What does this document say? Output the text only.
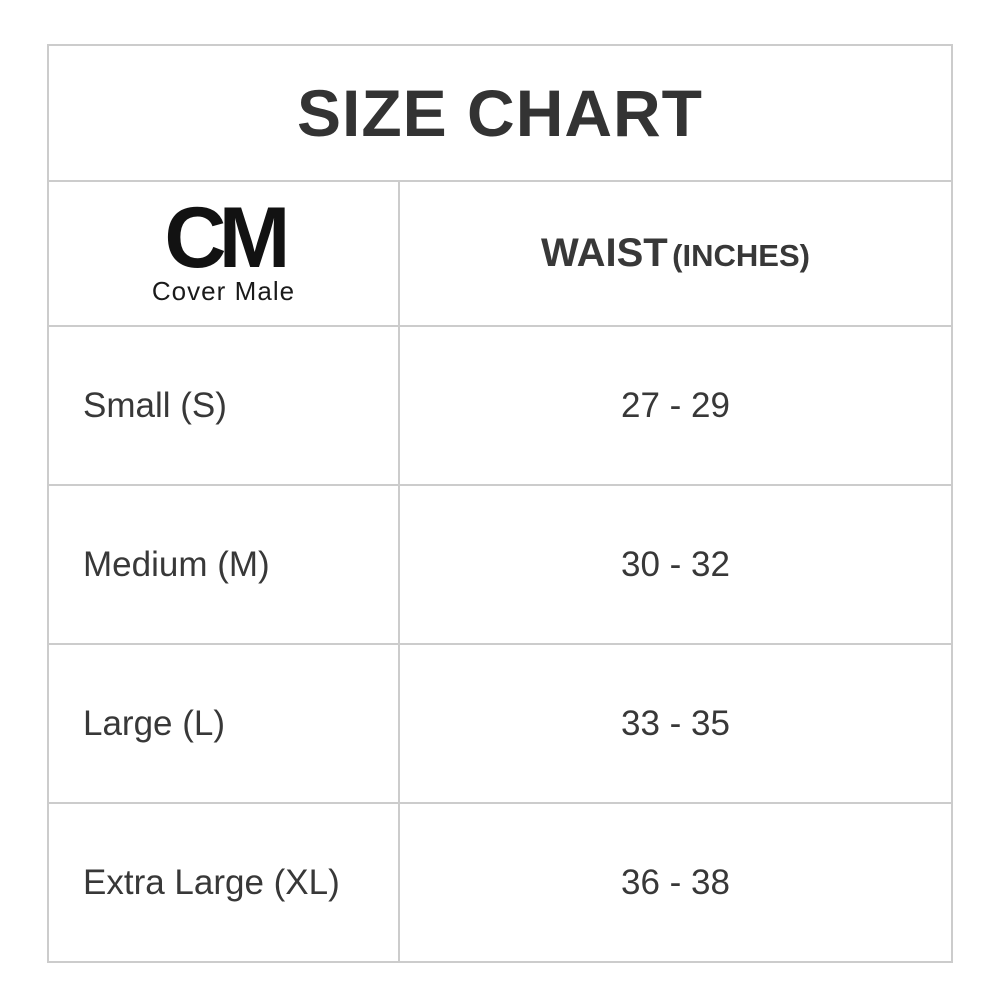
SIZE CHART	

CM
Cover Male	WAIST (INCHES)
Small (S)	27 - 29
Medium (M)	30 - 32
Large (L)	33 - 35
Extra Large (XL)	36 - 38
